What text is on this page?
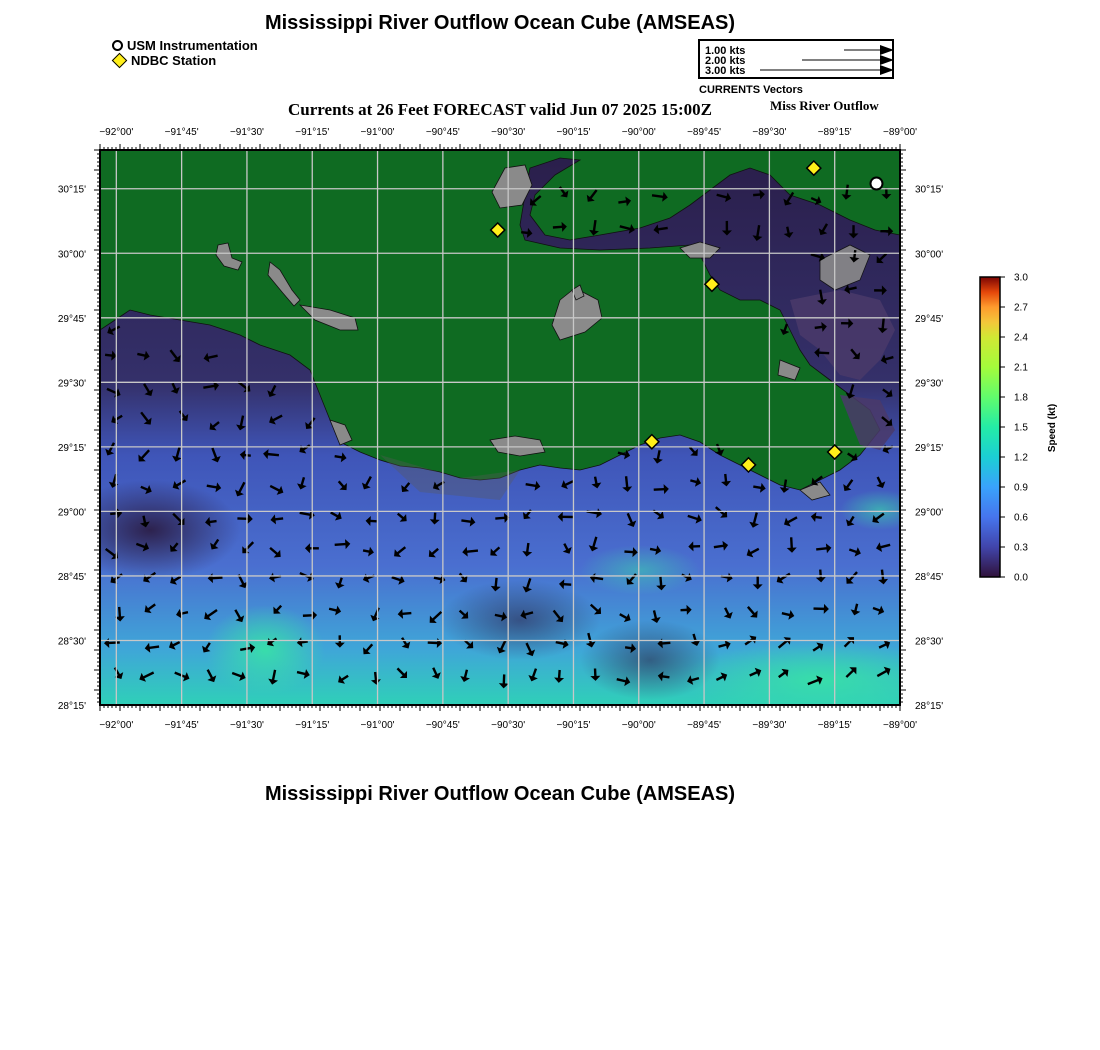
Mississippi River Outflow Ocean Cube (AMSEAS)
USM Instrumentation
NDBC Station
1.00 kts
2.00 kts
3.00 kts
CURRENTS Vectors
Currents at 26 Feet FORECAST valid Jun 07 2025 15:00Z	Miss River Outflow
−92°00'	−91°45'	−91°30'	−91°15'	−91°00'	−90°45'	−90°30'	−90°15'	−90°00'	−89°45'	−89°30'	−89°15'	−89°00'
−92°00'	−91°45'	−91°30'	−91°15'	−91°00'	−90°45'	−90°30'	−90°15'	−90°00'	−89°45'	−89°30'	−89°15'	−89°00'
30°15'
30°00'
29°45'
29°30'
29°15'
29°00'
28°45'
28°30'
28°15'
30°15'
30°00'
29°45'
29°30'
29°15'
29°00'
28°45'
28°30'
28°15'
3.0
2.7
2.4
2.1
1.8
1.5
1.2
0.9
0.6
0.3
0.0
Speed (kt)
Mississippi River Outflow Ocean Cube (AMSEAS)
